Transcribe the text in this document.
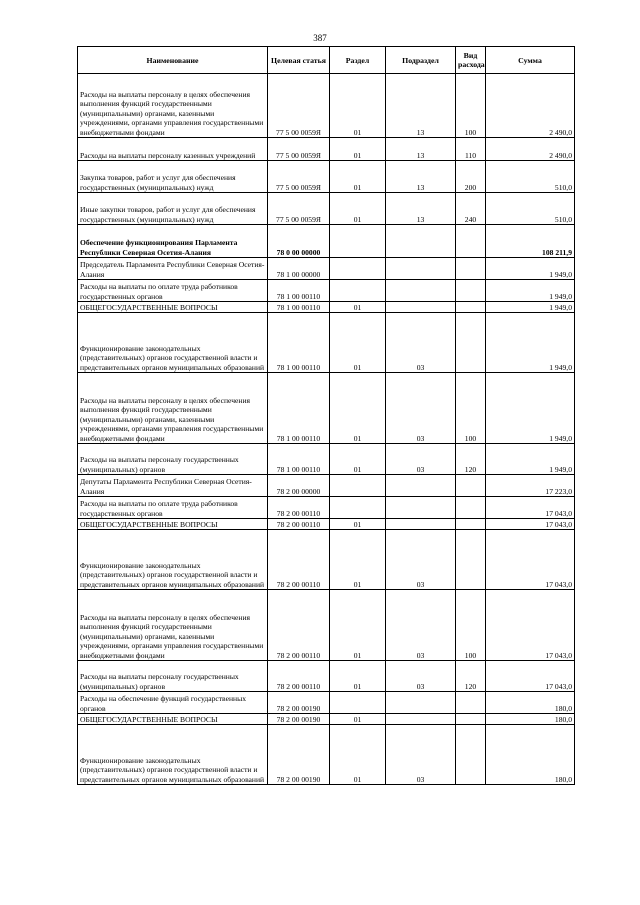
387
Наименование	Целевая статья	Раздел	Подраздел	Вид расхода	Сумма
Расходы на выплаты персоналу в целях обеспечения выполнения функций государственными (муниципальными) органами, казенными учреждениями, органами управления государственными внебюджетными фондами	77 5 00 0059Я	01	13	100	2 490,0
Расходы на выплаты персоналу казенных учреждений	77 5 00 0059Я	01	13	110	2 490,0
Закупка товаров, работ и услуг для обеспечения государственных (муниципальных) нужд	77 5 00 0059Я	01	13	200	510,0
Иные закупки товаров, работ и услуг для обеспечения государственных (муниципальных) нужд	77 5 00 0059Я	01	13	240	510,0
Обеспечение функционирования Парламента Республики Северная Осетия-Алания	78 0 00 00000				108 211,9
Председатель Парламента Республики Северная Осетия-Алания	78 1 00 00000				1 949,0
Расходы на выплаты по оплате труда работников государственных органов	78 1 00 00110				1 949,0
ОБЩЕГОСУДАРСТВЕННЫЕ ВОПРОСЫ	78 1 00 00110	01			1 949,0
Функционирование законодательных (представительных) органов государственной власти и представительных органов муниципальных образований	78 1 00 00110	01	03		1 949,0
Расходы на выплаты персоналу в целях обеспечения выполнения функций государственными (муниципальными) органами, казенными учреждениями, органами управления государственными внебюджетными фондами	78 1 00 00110	01	03	100	1 949,0
Расходы на выплаты персоналу государственных (муниципальных) органов	78 1 00 00110	01	03	120	1 949,0
Депутаты Парламента Республики Северная Осетия-Алания	78 2 00 00000				17 223,0
Расходы на выплаты по оплате труда работников государственных органов	78 2 00 00110				17 043,0
ОБЩЕГОСУДАРСТВЕННЫЕ ВОПРОСЫ	78 2 00 00110	01			17 043,0
Функционирование законодательных (представительных) органов государственной власти и представительных органов муниципальных образований	78 2 00 00110	01	03		17 043,0
Расходы на выплаты персоналу в целях обеспечения выполнения функций государственными (муниципальными) органами, казенными учреждениями, органами управления государственными внебюджетными фондами	78 2 00 00110	01	03	100	17 043,0
Расходы на выплаты персоналу государственных (муниципальных) органов	78 2 00 00110	01	03	120	17 043,0
Расходы на обеспечение функций государственных органов	78 2 00 00190				180,0
ОБЩЕГОСУДАРСТВЕННЫЕ ВОПРОСЫ	78 2 00 00190	01			180,0
Функционирование законодательных (представительных) органов государственной власти и представительных органов муниципальных образований	78 2 00 00190	01	03		180,0
